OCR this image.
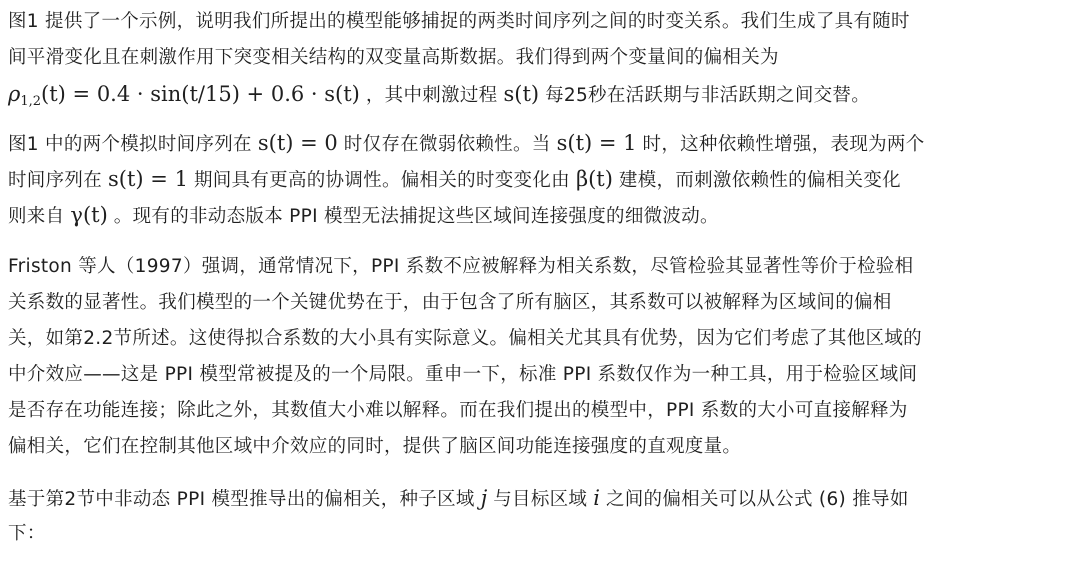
图1 提供了一个示例，说明我们所提出的模型能够捕捉的两类时间序列之间的时变关系。我们生成了具有随时
间平滑变化且在刺激作用下突变相关结构的双变量高斯数据。我们得到两个变量间的偏相关为
$\rho_{1,2}(t) = 0.4 \cdot \sin(t/15) + 0.6 \cdot s(t)$ ，其中刺激过程 s(t) 每25秒在活跃期与非活跃期之间交替。

图1 中的两个模拟时间序列在 s(t) = 0 时仅存在微弱依赖性。当 s(t) = 1 时，这种依赖性增强，表现为两个
时间序列在 s(t) = 1 期间具有更高的协调性。偏相关的时变变化由 β(t) 建模，而刺激依赖性的偏相关变化
则来自 γ(t) 。现有的非动态版本 PPI 模型无法捕捉这些区域间连接强度的细微波动。

Friston 等人（1997）强调，通常情况下，PPI 系数不应被解释为相关系数，尽管检验其显著性等价于检验相
关系数的显著性。我们模型的一个关键优势在于，由于包含了所有脑区，其系数可以被解释为区域间的偏相
关，如第2.2节所述。这使得拟合系数的大小具有实际意义。偏相关尤其具有优势，因为它们考虑了其他区域的
中介效应——这是 PPI 模型常被提及的一个局限。重申一下，标准 PPI 系数仅作为一种工具，用于检验区域间
是否存在功能连接；除此之外，其数值大小难以解释。而在我们提出的模型中，PPI 系数的大小可直接解释为
偏相关，它们在控制其他区域中介效应的同时，提供了脑区间功能连接强度的直观度量。

基于第2节中非动态 PPI 模型推导出的偏相关，种子区域 j 与目标区域 i 之间的偏相关可以从公式 (6) 推导如
下：
